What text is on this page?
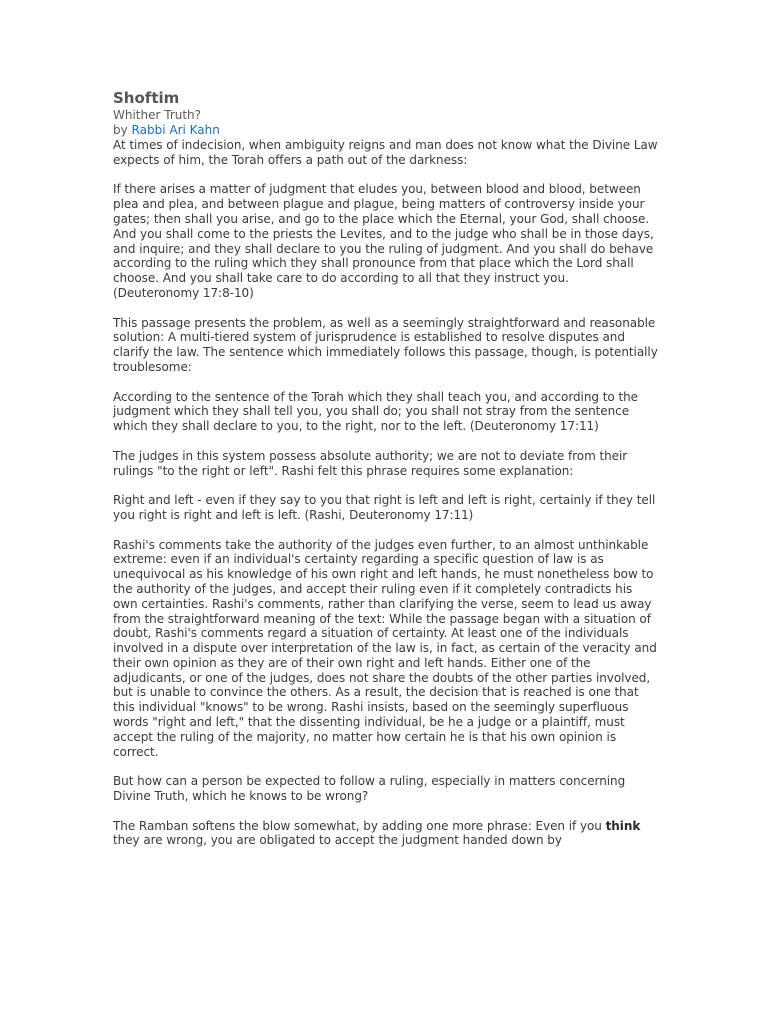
Shoftim
Whither Truth?
by Rabbi Ari Kahn

At times of indecision, when ambiguity reigns and man does not know what the Divine Law expects of him, the Torah offers a path out of the darkness:

If there arises a matter of judgment that eludes you, between blood and blood, between plea and plea, and between plague and plague, being matters of controversy inside your gates; then shall you arise, and go to the place which the Eternal, your God, shall choose. And you shall come to the priests the Levites, and to the judge who shall be in those days, and inquire; and they shall declare to you the ruling of judgment. And you shall do behave according to the ruling which they shall pronounce from that place which the Lord shall choose. And you shall take care to do according to all that they instruct you. (Deuteronomy 17:8-10)

This passage presents the problem, as well as a seemingly straightforward and reasonable solution: A multi-tiered system of jurisprudence is established to resolve disputes and clarify the law. The sentence which immediately follows this passage, though, is potentially troublesome:

According to the sentence of the Torah which they shall teach you, and according to the judgment which they shall tell you, you shall do; you shall not stray from the sentence which they shall declare to you, to the right, nor to the left. (Deuteronomy 17:11)

The judges in this system possess absolute authority; we are not to deviate from their rulings "to the right or left". Rashi felt this phrase requires some explanation:

Right and left - even if they say to you that right is left and left is right, certainly if they tell you right is right and left is left. (Rashi, Deuteronomy 17:11)

Rashi's comments take the authority of the judges even further, to an almost unthinkable extreme: even if an individual's certainty regarding a specific question of law is as unequivocal as his knowledge of his own right and left hands, he must nonetheless bow to the authority of the judges, and accept their ruling even if it completely contradicts his own certainties. Rashi's comments, rather than clarifying the verse, seem to lead us away from the straightforward meaning of the text: While the passage began with a situation of doubt, Rashi's comments regard a situation of certainty. At least one of the individuals involved in a dispute over interpretation of the law is, in fact, as certain of the veracity and their own opinion as they are of their own right and left hands. Either one of the adjudicants, or one of the judges, does not share the doubts of the other parties involved, but is unable to convince the others. As a result, the decision that is reached is one that this individual "knows" to be wrong. Rashi insists, based on the seemingly superfluous words "right and left," that the dissenting individual, be he a judge or a plaintiff, must accept the ruling of the majority, no matter how certain he is that his own opinion is correct.

But how can a person be expected to follow a ruling, especially in matters concerning Divine Truth, which he knows to be wrong?

The Ramban softens the blow somewhat, by adding one more phrase: Even if you think they are wrong, you are obligated to accept the judgment handed down by
